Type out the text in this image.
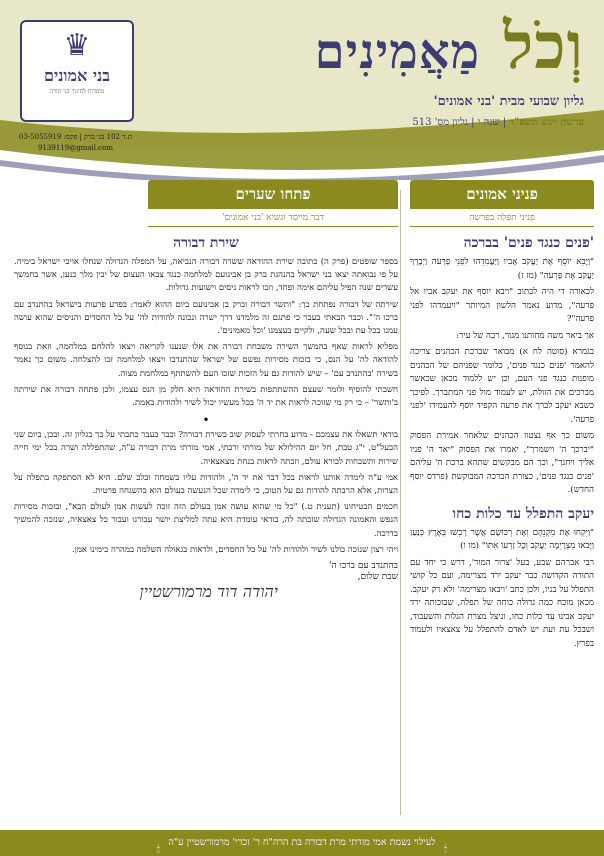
♛
בני אמונים
מוסדות לחינוך בני תורה
ת.ד 102 בני ברק | פקס: 03-5055919
9139119@gmail.com
וְכֹל מַאֲמִינִים
גליון שבועי מבית 'בני אמונים'
פרשת ויגש תשפ"ד | שנה י | גליון מס' 513
פניני אמונים
פניני תפלה בפרשה
'פנים כנגד פנים' בברכה

"וַיָּבֵא יוֹסֵף אֶת יַעֲקֹב אָבִיו וַיַּעֲמִדֵהוּ לִפְנֵי פַרְעֹה וַיְבָרֶךְ יַעֲקֹב אֶת פַּרְעֹה" (מז ז)

לכאורה די היה לכתוב "ויבא יוסף את יעקב אביו אל פרעה", מדוע נאמר הלשון המיותר "ויעמדהו לפני פרעה"?

אך ביאר משה מחותנו מגור, רבה של עיר:

בגמרא (סוטה לח א) מבואר שברכת הכהנים צריכה להאמר 'פנים כנגד פנים', כלומר שפניהם של הכהנים מופנות כנגד פני העם, וכן יש ללמוד מכאן שכאשר מברכים את הזולת, יש לעמוד מול פני המתברך. לפיכך כשבא יעקב לברך את פרעה הקפיד יוסף להעמידו 'לפני פרעה'.

משום כך אף נצטוו הכהנים שלאחר אמירת הפסוק "יברכך ה' וישמרך", יאמרו את הפסוק "יאר ה' פניו אליך ויחנך", וכך הם מבקשים שתהא ברכת ה' עליהם 'פנים כנגד פנים', כצורת הברכה המבוקשת (פרדס יוסף החדש).

יעקב התפלל עד כלות כחו

"וַיִּקְחוּ אֶת מִקְנֵהֶם וְאֶת רְכוּשָׁם אֲשֶׁר רָכְשׁוּ בְּאֶרֶץ כְּנַעַן וַיָּבֹאוּ מִצְרָיְמָה יַעֲקֹב וְכָל זַרְעוֹ אִתּוֹ" (מו ו)

רבי אברהם שבע, בעל 'צרור המור', דרש כי יחד עם התורה הקדושה כבר יעקב ירד מצרימה, ועם כל קושי התפלל על בניו, ולכן כתב 'ויבאו מצרימה' ולא רק יעקב. מכאן מוכח כמה גדולה כוחה של תפלה, שבזכותה ירד יעקב אבינו עד כלות כחו, וניצל מצרת הגלות והשעבוד, ושבכל עת ועת יש לאדם להתפלל על צאצאיו ולעמוד בפרץ.

פתחו שערים
דבר מייסד ונשיא 'בני אמונים'
שירת דבורה

בספר שופטים (פרק ה) כתובה שירת ההודאה ששרה דבורה הנביאה, על המפלה הגדולה שנחלו אויבי ישראל בימיה. על פי נבואתה יצאו בני ישראל בהנהגת ברק בן אבינועם למלחמה כנגד צבאו העצום של יבין מלך כנען, אשר בחמשך עשרים שנה הפיל עליהם אימה ופחד, וזכו לראות ניסים וישועות גדולות.

שירתה של דבורה נפתחת כך: "ותשר דבורה וברק בן אבינועם ביום ההוא לאמר: בפרע פרעות בישראל בהתנדב עם ברכו ה'". וכבר הבאתי בעבר כי פתגם זה מלמדנו דרך ישרה ונכונה להודות לה' על כל החסדים והניסים שהוא עושה עמנו בכל עת ובכל שעה, ולקיים בעצמנו 'וכל מאמינים'.

מפליא לראות שאף בהמשך השירה משבחת דבורה את אלו שנענו לקריאה ויצאו להלחם במלחמה, וזאת בנוסף להודאה לה' על הנס, כי בזכות מסירות נפשם של ישראל שהתנדבו ויצאו למלחמה זכו להצלחה. משום כך נאמר בשירה 'בהתנדב עם' – שיש להודות גם על הזכות שזכו העם להשתתף במלחמת מצוה.

חשבתי להוסיף ולומר שעצם ההשתתפות בשירת ההודאה היא חלק מן הנס עצמו, ולכן פתחה דבורה את שירתה ב'ותשר' – כי רק מי שזוכה לראות את יד ה' בכל מעשיו יכול לשיר ולהודות באמת.

•

בודאי תשאלו את עצמכם - מדוע בחרתי לעסוק שוב בשירת דבורה? וכבר בעבר כתבתי על כך בגליון זה. ובכן, ביום שני הבעל"ט, י"ג טבת, חל יום ההילולא של מורתי ורבתי, אמי מורתי מרת דבורה ע"ה, שהתפללה ושרה בכל ימי חייה שירות ותשבחות לבורא עולם, וזכתה לראות בנחת מצאצאיה.

אמי ע"ה לימדה אותנו לראות בכל דבר את יד ה', ולהודות עליו בשמחה ובלב שלם. היא לא הסתפקה בתפלה על הצרות, אלא הרבתה להודות גם על הטוב, כי לימדה שכל הנעשה בעולם הוא בהשגחה פרטית.

חכמים הבטיחונו (תענית ט.) "כל מי שהוא עושה אמן בעולם הזה זוכה לעשות אמן לעולם הבא", ובזכות מסירות הנפש והאמונה הגדולה שזכתה לה, בודאי עומדת היא עתה למליצת יושר עבורנו ועבור כל צאצאיה, שנזכה להמשיך בדרכה.

ויהי רצון שנזכה כולנו לשיר ולהודות לה' על כל החסדים, ולראות בגאולה השלמה במהרה בימינו אמן.

בהתנדב עם ברכו ה'
שבת שלום,
יהודה דוד מרמורשטיין
🕯 לעילוי נשמת אמי מורתי מרת דבורה בת הרה"ח ר' זכרי' מרמורשטיין ע"ה 🕯
